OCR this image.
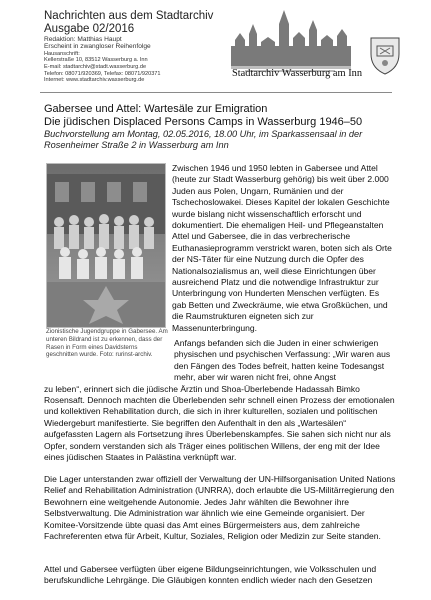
Nachrichten aus dem Stadtarchiv
Ausgabe 02/2016
Redaktion: Matthias Haupt
Erscheint in zwangloser Reihenfolge
Hausanschrift:
Kellerstraße 10, 83512 Wasserburg a. Inn
E-mail: stadtarchiv@stadt.wasserburg.de
Telefon: 08071/920369, Telefax: 08071/920371
Internet: www.stadtarchiv.wasserburg.de
Stadtarchiv Wasserburg am Inn
Gabersee und Attel: Wartesäle zur Emigration
Die jüdischen Displaced Persons Camps in Wasserburg 1946–50
Buchvorstellung am Montag, 02.05.2016, 18.00 Uhr, im Sparkassensaal in der Rosenheimer Straße 2 in Wasserburg am Inn
Zionistische Jugendgruppe in Gabersee. Am unteren Bildrand ist zu erkennen, dass der Rasen in Form eines Davidsterns geschnitten wurde. Foto: rurinst-archiv.
Zwischen 1946 und 1950 lebten in Gabersee und Attel (heute zur Stadt Wasserburg gehörig) bis weit über 2.000 Juden aus Polen, Ungarn, Rumänien und der Tschechoslowakei. Dieses Kapitel der lokalen Geschichte wurde bislang nicht wissenschaftlich erforscht und dokumentiert. Die ehemaligen Heil- und Pflegeanstalten Attel und Gabersee, die in das verbrecherische Euthanasieprogramm verstrickt waren, boten sich als Orte der NS-Täter für eine Nutzung durch die Opfer des Nationalsozialismus an, weil diese Einrichtungen über ausreichend Platz und die notwendige Infrastruktur zur Unterbringung von Hunderten Menschen verfügten. Es gab Betten und Zweckräume, wie etwa Großküchen, und die Raumstrukturen eigneten sich zur Massenunterbringung.
Anfangs befanden sich die Juden in einer schwierigen physischen und psychischen Verfassung: „Wir waren aus den Fängen des Todes befreit, hatten keine Todesangst mehr, aber wir waren nicht frei, ohne Angst
zu leben“, erinnert sich die jüdische Ärztin und Shoa-Überlebende Hadassah Bimko Rosensaft. Dennoch machten die Überlebenden sehr schnell einen Prozess der emotionalen und kollektiven Rehabilitation durch, die sich in ihrer kulturellen, sozialen und politischen Wiedergeburt manifestierte. Sie begriffen den Aufenthalt in den als „Wartesälen“ aufgefassten Lagern als Fortsetzung ihres Überlebenskampfes. Sie sahen sich nicht nur als Opfer, sondern verstanden sich als Träger eines politischen Willens, der eng mit der Idee eines jüdischen Staates in Palästina verknüpft war.
Die Lager unterstanden zwar offiziell der Verwaltung der UN-Hilfsorganisation United Nations Relief and Rehabilitation Administration (UNRRA), doch erlaubte die US-Militärregierung den Bewohnern eine weitgehende Autonomie. Jedes Jahr wählten die Bewohner ihre Selbstverwaltung. Die Administration war ähnlich wie eine Gemeinde organisiert. Der Komitee-Vorsitzende übte quasi das Amt eines Bürgermeisters aus, dem zahlreiche Fachreferenten etwa für Arbeit, Kultur, Soziales, Religion oder Medizin zur Seite standen.
Attel und Gabersee verfügten über eigene Bildungseinrichtungen, wie Volksschulen und berufskundliche Lehrgänge. Die Gläubigen konnten endlich wieder nach den Gesetzen
